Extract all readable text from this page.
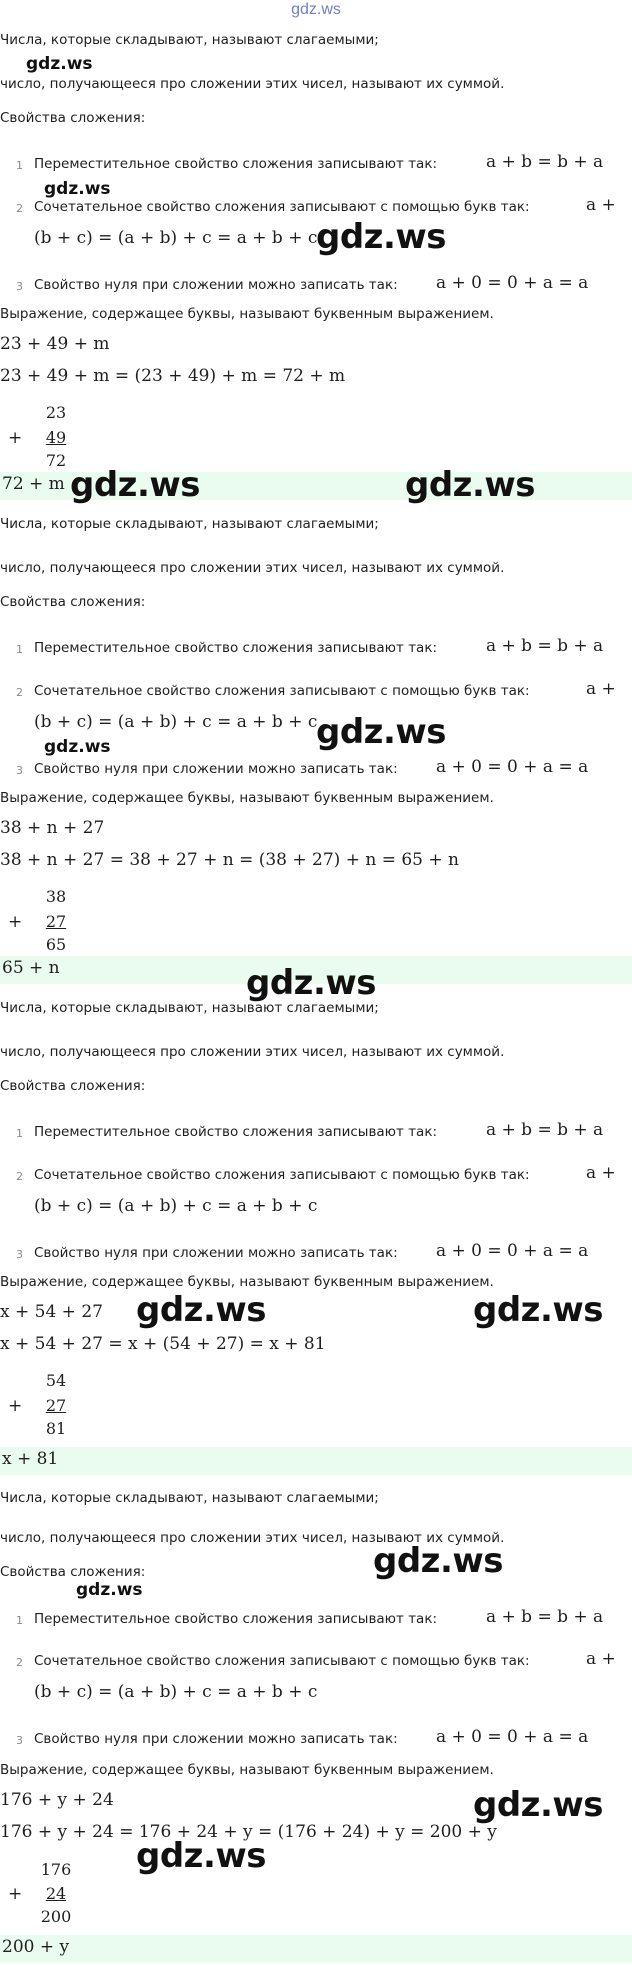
gdz.ws
Числа, которые складывают, называют слагаемыми;
число, получающееся про сложении этих чисел, называют их суммой.
Свойства сложения:
1 Переместительное свойство сложения записывают так:	a + b = b + a
2 Сочетательное свойство сложения записывают с помощью букв так:	a +
(b + c) = (a + b) + c = a + b + c
3 Свойство нуля при сложении можно записать так: a + 0 = 0 + a = a
Выражение, содержащее буквы, называют буквенным выражением.
23 + 49 + m
23 + 49 + m = (23 + 49) + m = 72 + m
23
+	49
72
72 + m
Числа, которые складывают, называют слагаемыми;
число, получающееся про сложении этих чисел, называют их суммой.
Свойства сложения:
1 Переместительное свойство сложения записывают так:	a + b = b + a
2 Сочетательное свойство сложения записывают с помощью букв так:	a +
(b + c) = (a + b) + c = a + b + c
3 Свойство нуля при сложении можно записать так: a + 0 = 0 + a = a
Выражение, содержащее буквы, называют буквенным выражением.
38 + n + 27
38 + n + 27 = 38 + 27 + n = (38 + 27) + n = 65 + n
38
+	27
65
65 + n
Числа, которые складывают, называют слагаемыми;
число, получающееся про сложении этих чисел, называют их суммой.
Свойства сложения:
1 Переместительное свойство сложения записывают так:	a + b = b + a
2 Сочетательное свойство сложения записывают с помощью букв так:	a +
(b + c) = (a + b) + c = a + b + c
3 Свойство нуля при сложении можно записать так: a + 0 = 0 + a = a
Выражение, содержащее буквы, называют буквенным выражением.
x + 54 + 27
x + 54 + 27 = x + (54 + 27) = x + 81
54
+	27
81
x + 81
Числа, которые складывают, называют слагаемыми;
число, получающееся про сложении этих чисел, называют их суммой.
Свойства сложения:
1 Переместительное свойство сложения записывают так:	a + b = b + a
2 Сочетательное свойство сложения записывают с помощью букв так:	a +
(b + c) = (a + b) + c = a + b + c
3 Свойство нуля при сложении можно записать так: a + 0 = 0 + a = a
Выражение, содержащее буквы, называют буквенным выражением.
176 + y + 24
176 + y + 24 = 176 + 24 + y = (176 + 24) + y = 200 + y
176
+	24
200
200 + y
gdz.ws
gdz.ws
gdz.ws
gdz.ws	gdz.ws
gdz.ws
gdz.ws
gdz.ws
gdz.ws	gdz.ws
gdz.ws
gdz.ws
gdz.ws
gdz.ws
